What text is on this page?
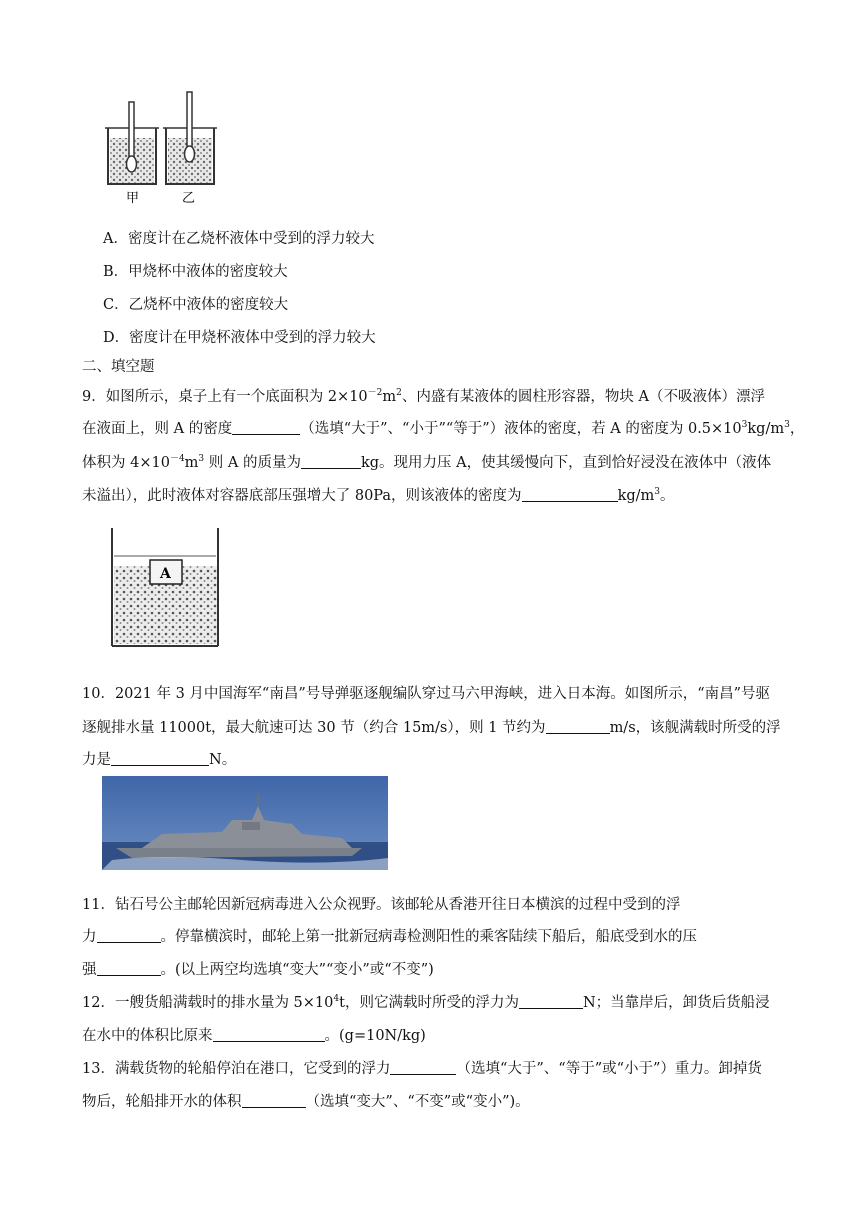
甲	乙
A．密度计在乙烧杯液体中受到的浮力较大
B．甲烧杯中液体的密度较大
C．乙烧杯中液体的密度较大
D．密度计在甲烧杯液体中受到的浮力较大
二、填空题
9．如图所示，桌子上有一个底面积为 $2\times 10^{-2}m^2$、内盛有某液体的圆柱形容器，物块 A（不吸液体）漂浮
在液面上，则 A 的密度	（选填“大于”、“小于”“等于”）液体的密度，若 A 的密度为 $0.5\times 10^3kg/m^3$，
体积为 $4\times 10^{-4}m^3$ 则 A 的质量为	kg。现用力压 A，使其缓慢向下，直到恰好浸没在液体中（液体
未溢出），此时液体对容器底部压强增大了 80Pa，则该液体的密度为	$kg/m^3$。
A
10．2021 年 3 月中国海军“南昌”号导弹驱逐舰编队穿过马六甲海峡，进入日本海。如图所示，“南昌”号驱
逐舰排水量 11000t，最大航速可达 30 节（约合 15m/s），则 1 节约为	m/s，该舰满载时所受的浮
力是	N。
11．钻石号公主邮轮因新冠病毒进入公众视野。该邮轮从香港开往日本横滨的过程中受到的浮
力	。停靠横滨时，邮轮上第一批新冠病毒检测阳性的乘客陆续下船后，船底受到水的压
强	。(以上两空均选填“变大”“变小”或“不变”)
12．一艘货船满载时的排水量为 $5\times 10^4t$，则它满载时所受的浮力为	N；当靠岸后，卸货后货船浸
在水中的体积比原来	。(g=10N/kg)
13．满载货物的轮船停泊在港口，它受到的浮力	（选填“大于”、“等于”或“小于”）重力。卸掉货
物后，轮船排开水的体积	（选填“变大”、“不变”或“变小”)。
